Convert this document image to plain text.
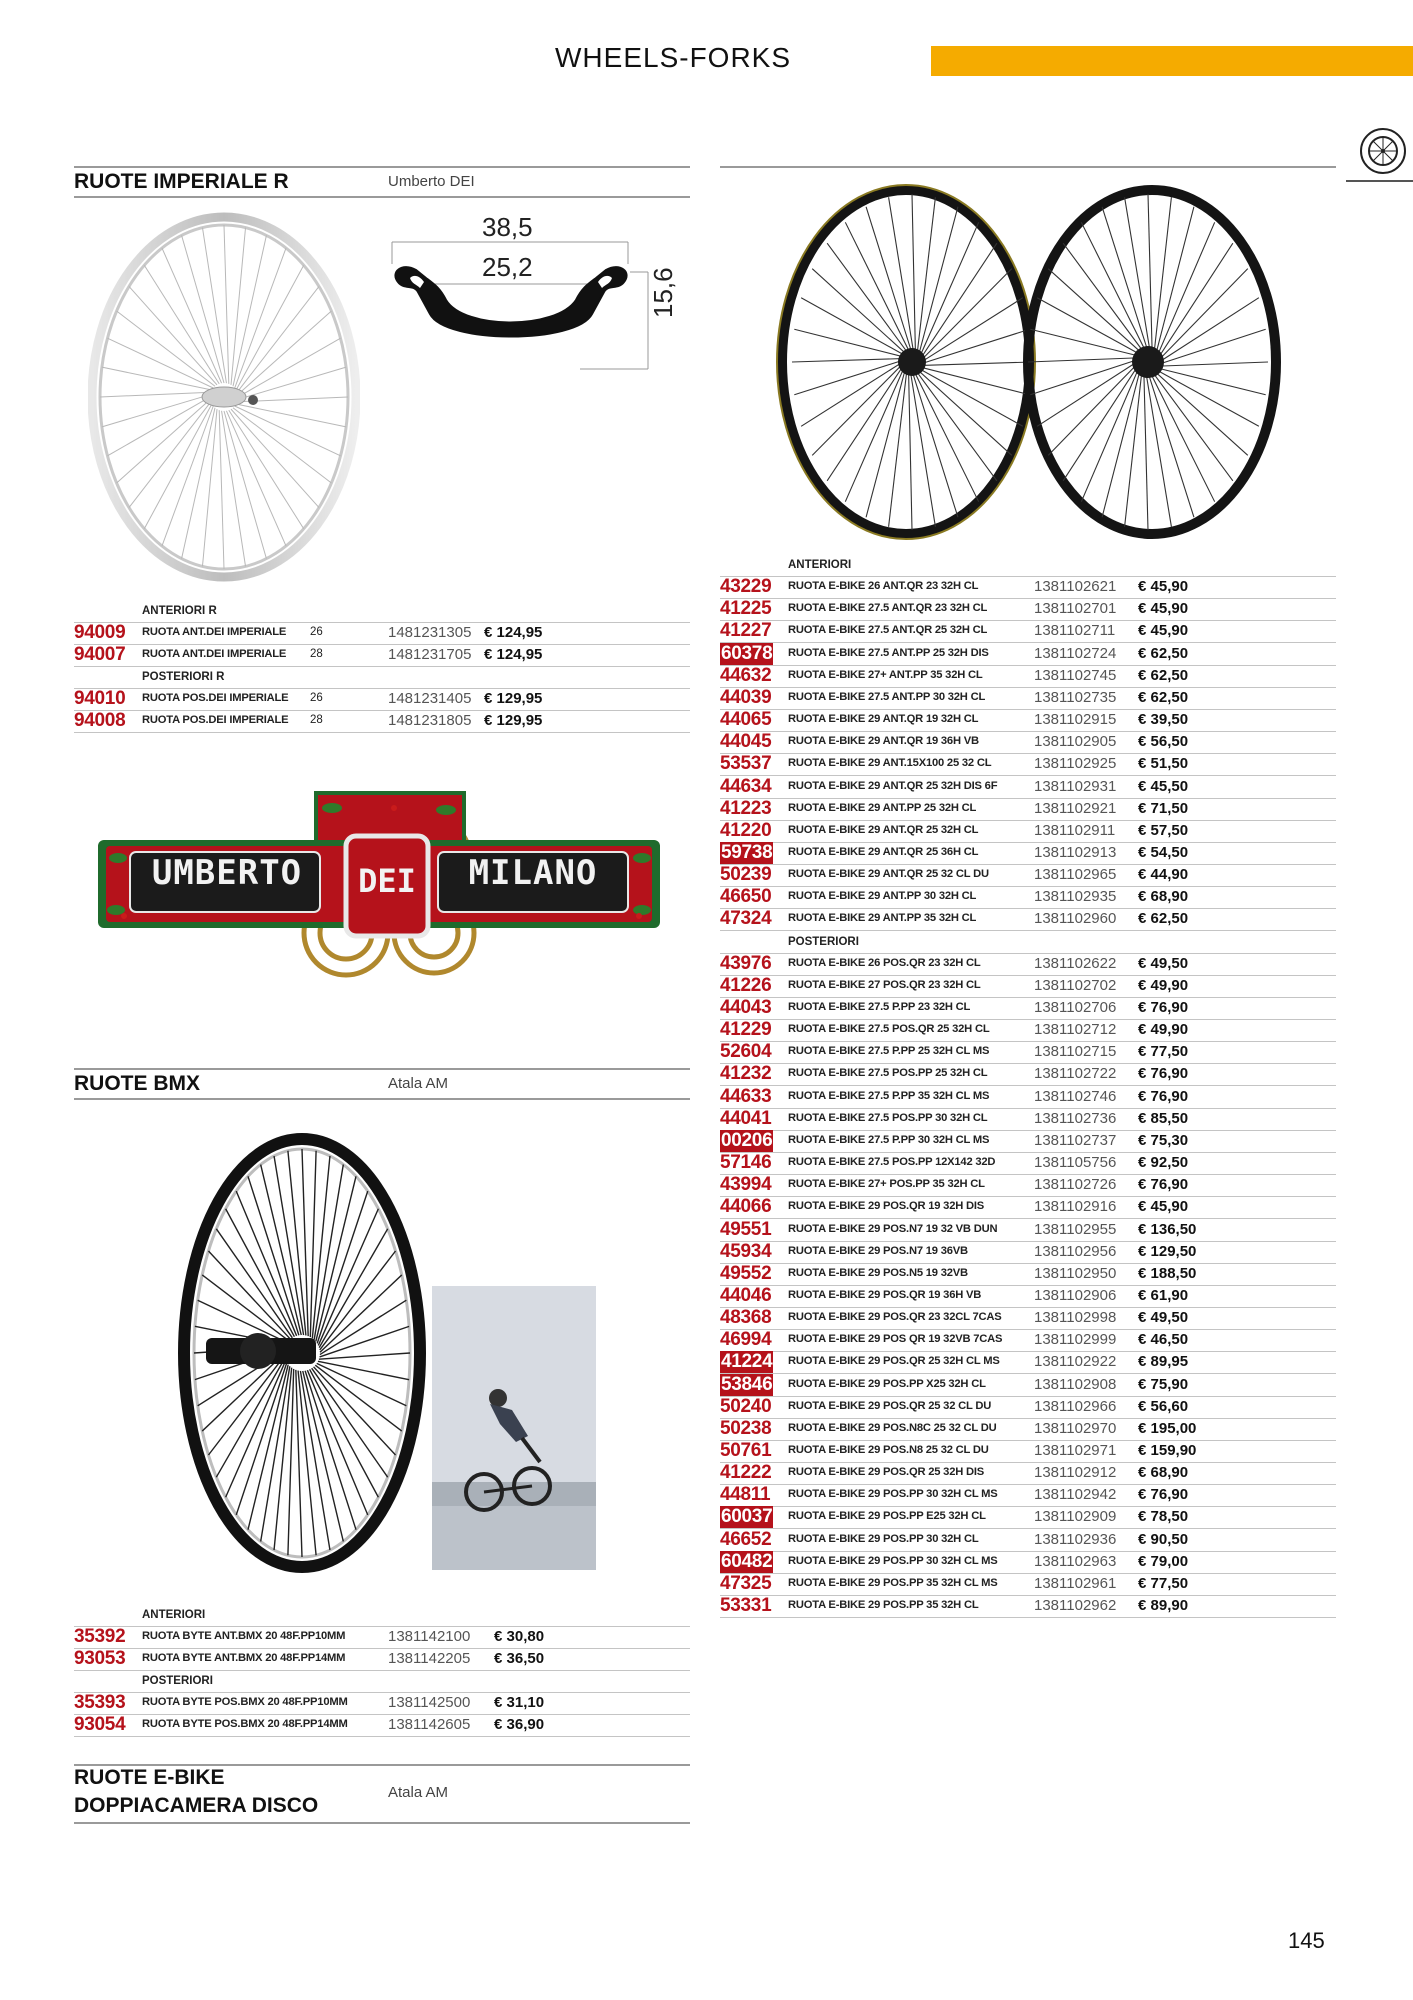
WHEELS-FORKS
RUOTE IMPERIALE R	Umberto DEI
38,5
25,2
15,6
ANTERIORI R
94009 RUOTA ANT.DEI IMPERIALE 26	1481231305 € 124,95
94007 RUOTA ANT.DEI IMPERIALE 28	1481231705 € 124,95
POSTERIORI R
94010 RUOTA POS.DEI IMPERIALE 26	1481231405 € 129,95
94008 RUOTA POS.DEI IMPERIALE 28	1481231805 € 129,95
UMBERTO	DEI	MILANO
RUOTE BMX	Atala AM
ANTERIORI
35392 RUOTA BYTE ANT.BMX 20 48F.PP10MM	1381142100 € 30,80
93053 RUOTA BYTE ANT.BMX 20 48F.PP14MM	1381142205 € 36,50
POSTERIORI
35393 RUOTA BYTE POS.BMX 20 48F.PP10MM	1381142500 € 31,10
93054 RUOTA BYTE POS.BMX 20 48F.PP14MM	1381142605 € 36,90
RUOTE E-BIKE
DOPPIACAMERA DISCO
Atala AM
ANTERIORI
43229 RUOTA E-BIKE 26 ANT.QR 23 32H CL	1381102621 € 45,90
41225 RUOTA E-BIKE 27.5 ANT.QR 23 32H CL	1381102701 € 45,90
41227 RUOTA E-BIKE 27.5 ANT.QR 25 32H CL	1381102711 € 45,90
60378 RUOTA E-BIKE 27.5 ANT.PP 25 32H DIS	1381102724 € 62,50
44632 RUOTA E-BIKE 27+ ANT.PP 35 32H CL	1381102745 € 62,50
44039 RUOTA E-BIKE 27.5 ANT.PP 30 32H CL	1381102735 € 62,50
44065 RUOTA E-BIKE 29 ANT.QR 19 32H CL	1381102915 € 39,50
44045 RUOTA E-BIKE 29 ANT.QR 19 36H VB	1381102905 € 56,50
53537 RUOTA E-BIKE 29 ANT.15X100 25 32 CL	1381102925 € 51,50
44634 RUOTA E-BIKE 29 ANT.QR 25 32H DIS 6F 1381102931 € 45,50
41223 RUOTA E-BIKE 29 ANT.PP 25 32H CL	1381102921 € 71,50
41220 RUOTA E-BIKE 29 ANT.QR 25 32H CL	1381102911 € 57,50
59738 RUOTA E-BIKE 29 ANT.QR 25 36H CL	1381102913 € 54,50
50239 RUOTA E-BIKE 29 ANT.QR 25 32 CL DU	1381102965 € 44,90
46650 RUOTA E-BIKE 29 ANT.PP 30 32H CL	1381102935 € 68,90
47324 RUOTA E-BIKE 29 ANT.PP 35 32H CL	1381102960 € 62,50
POSTERIORI
43976 RUOTA E-BIKE 26 POS.QR 23 32H CL	1381102622 € 49,50
41226 RUOTA E-BIKE 27 POS.QR 23 32H CL	1381102702 € 49,90
44043 RUOTA E-BIKE 27.5 P.PP 23 32H CL	1381102706 € 76,90
41229 RUOTA E-BIKE 27.5 POS.QR 25 32H CL	1381102712 € 49,90
52604 RUOTA E-BIKE 27.5 P.PP 25 32H CL MS	1381102715 € 77,50
41232 RUOTA E-BIKE 27.5 POS.PP 25 32H CL	1381102722 € 76,90
44633 RUOTA E-BIKE 27.5 P.PP 35 32H CL MS	1381102746 € 76,90
44041 RUOTA E-BIKE 27.5 POS.PP 30 32H CL	1381102736 € 85,50
00206 RUOTA E-BIKE 27.5 P.PP 30 32H CL MS	1381102737 € 75,30
57146 RUOTA E-BIKE 27.5 POS.PP 12X142 32D	1381105756 € 92,50
43994 RUOTA E-BIKE 27+ POS.PP 35 32H CL	1381102726 € 76,90
44066 RUOTA E-BIKE 29 POS.QR 19 32H DIS	1381102916 € 45,90
49551 RUOTA E-BIKE 29 POS.N7 19 32 VB DUN 1381102955 € 136,50
45934 RUOTA E-BIKE 29 POS.N7 19 36VB	1381102956 € 129,50
49552 RUOTA E-BIKE 29 POS.N5 19 32VB	1381102950 € 188,50
44046 RUOTA E-BIKE 29 POS.QR 19 36H VB	1381102906 € 61,90
48368 RUOTA E-BIKE 29 POS.QR 23 32CL 7CAS 1381102998 € 49,50
46994 RUOTA E-BIKE 29 POS QR 19 32VB 7CAS 1381102999 € 46,50
41224 RUOTA E-BIKE 29 POS.QR 25 32H CL MS 1381102922 € 89,95
53846 RUOTA E-BIKE 29 POS.PP X25 32H CL	1381102908 € 75,90
50240 RUOTA E-BIKE 29 POS.QR 25 32 CL DU	1381102966 € 56,60
50238 RUOTA E-BIKE 29 POS.N8C 25 32 CL DU 1381102970 € 195,00
50761 RUOTA E-BIKE 29 POS.N8 25 32 CL DU	1381102971 € 159,90
41222 RUOTA E-BIKE 29 POS.QR 25 32H DIS	1381102912 € 68,90
44811 RUOTA E-BIKE 29 POS.PP 30 32H CL MS 1381102942 € 76,90
60037 RUOTA E-BIKE 29 POS.PP E25 32H CL	1381102909 € 78,50
46652 RUOTA E-BIKE 29 POS.PP 30 32H CL	1381102936 € 90,50
60482 RUOTA E-BIKE 29 POS.PP 30 32H CL MS 1381102963 € 79,00
47325 RUOTA E-BIKE 29 POS.PP 35 32H CL MS 1381102961 € 77,50
53331 RUOTA E-BIKE 29 POS.PP 35 32H CL	1381102962 € 89,90
145
